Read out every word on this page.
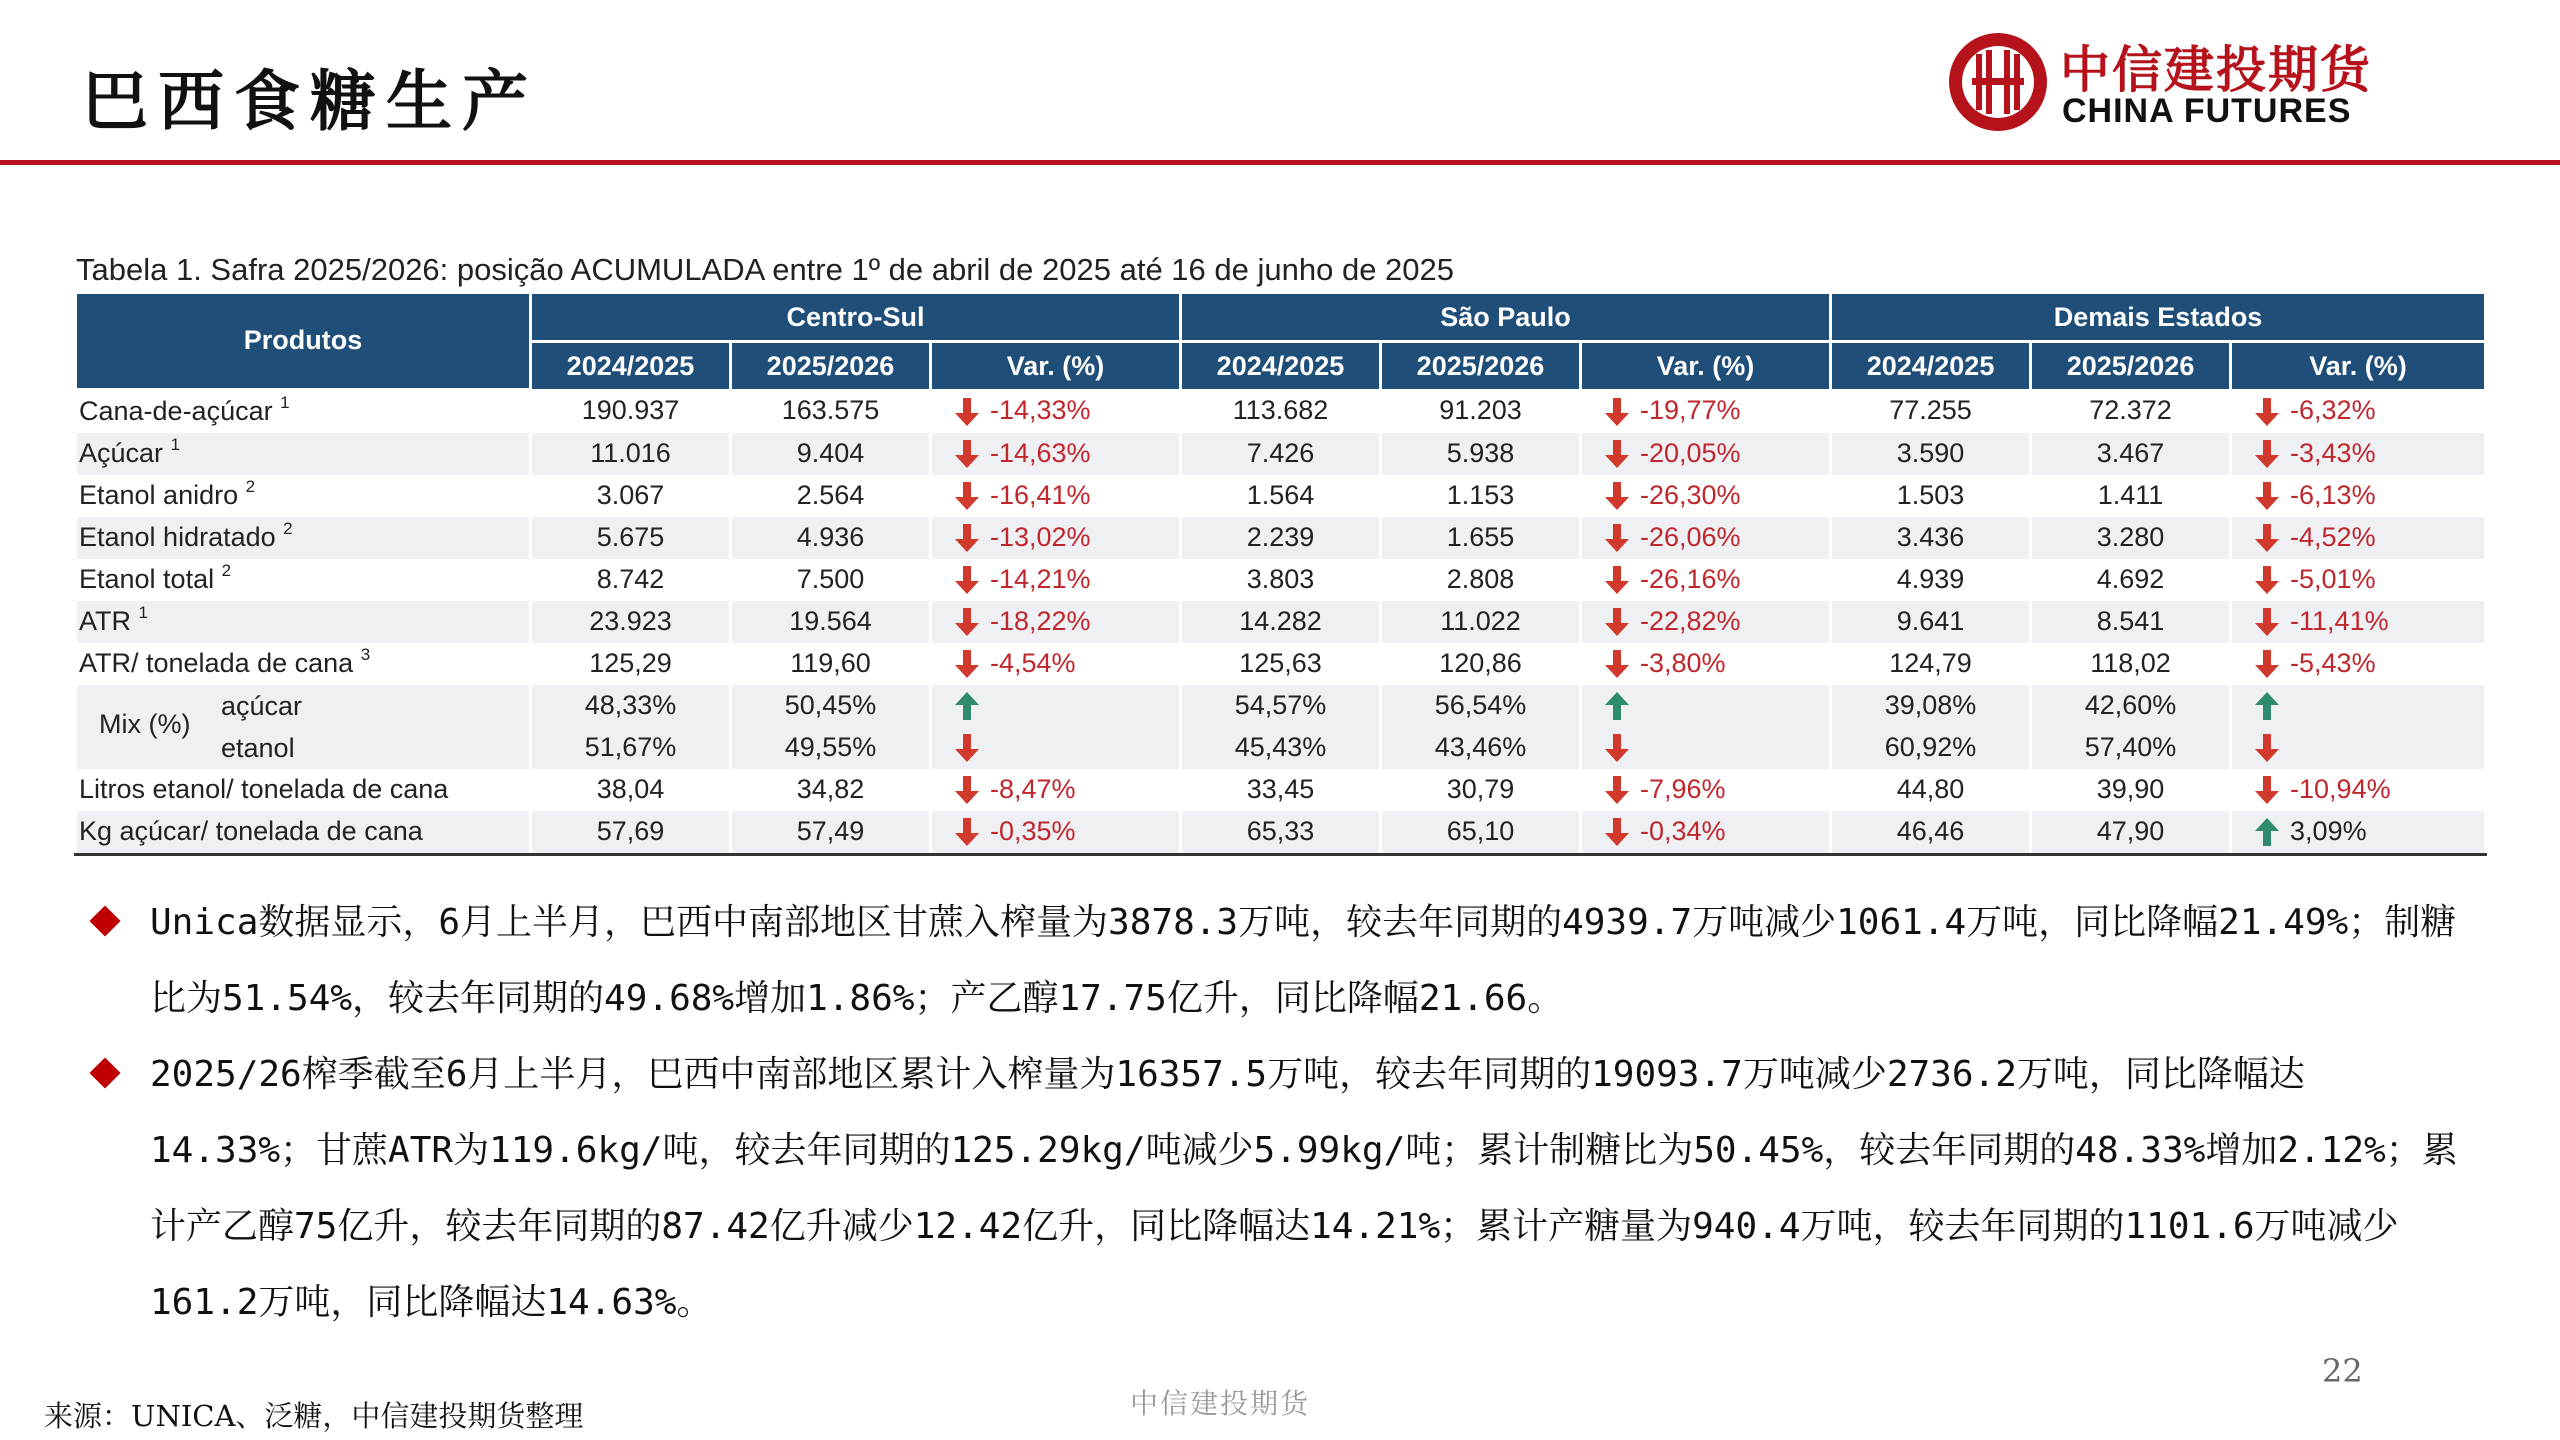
巴西食糖生产	中信建投期货
CHINA FUTURES
Tabela 1. Safra 2025/2026: posição ACUMULADA entre 1º de abril de 2025 até 16 de junho de 2025
Produtos	Centro-Sul			São Paulo			Demais Estados		
	2024/2025	2025/2026	Var. (%)	2024/2025	2025/2026	Var. (%)	2024/2025	2025/2026	Var. (%)
Cana-de-açúcar $^1$	190.937	163.575	-14,33%	113.682	91.203	-19,77%	77.255	72.372	-6,32%
Açúcar $^1$	11.016	9.404	-14,63%	7.426	5.938	-20,05%	3.590	3.467	-3,43%
Etanol anidro $^2$	3.067	2.564	-16,41%	1.564	1.153	-26,30%	1.503	1.411	-6,13%
Etanol hidratado $^2$	5.675	4.936	-13,02%	2.239	1.655	-26,06%	3.436	3.280	-4,52%
Etanol total $^2$	8.742	7.500	-14,21%	3.803	2.808	-26,16%	4.939	4.692	-5,01%
ATR $^1$	23.923	19.564	-18,22%	14.282	11.022	-22,82%	9.641	8.541	-11,41%
ATR/ tonelada de cana $^3$	125,29	119,60	-4,54%	125,63	120,86	-3,80%	124,79	118,02	-5,43%

Mix (%)
açúcar	48,33%	50,45%		54,57%	56,54%		39,08%	42,60%	

etanol	51,67%	49,55%		45,43%	43,46%		60,92%	57,40%	
Litros etanol/ tonelada de cana	38,04	34,82	-8,47%	33,45	30,79	-7,96%	44,80	39,90	-10,94%
Kg açúcar/ tonelada de cana	57,69	57,49	-0,35%	65,33	65,10	-0,34%	46,46	47,90	3,09%
Unica数据显示，6月上半月，巴西中南部地区甘蔗入榨量为3878.3万吨，较去年同期的4939.7万吨减少1061.4万吨，同比降幅21.49%；制糖比为51.54%，较去年同期的49.68%增加1.86%；产乙醇17.75亿升，同比降幅21.66。
2025/26榨季截至6月上半月，巴西中南部地区累计入榨量为16357.5万吨，较去年同期的19093.7万吨减少2736.2万吨，同比降幅达14.33%；甘蔗ATR为119.6kg/吨，较去年同期的125.29kg/吨减少5.99kg/吨；累计制糖比为50.45%，较去年同期的48.33%增加2.12%；累计产乙醇75亿升，较去年同期的87.42亿升减少12.42亿升，同比降幅达14.21%；累计产糖量为940.4万吨，较去年同期的1101.6万吨减少161.2万吨，同比降幅达14.63%。
22
中信建投期货
来源：UNICA、泛糖，中信建投期货整理
